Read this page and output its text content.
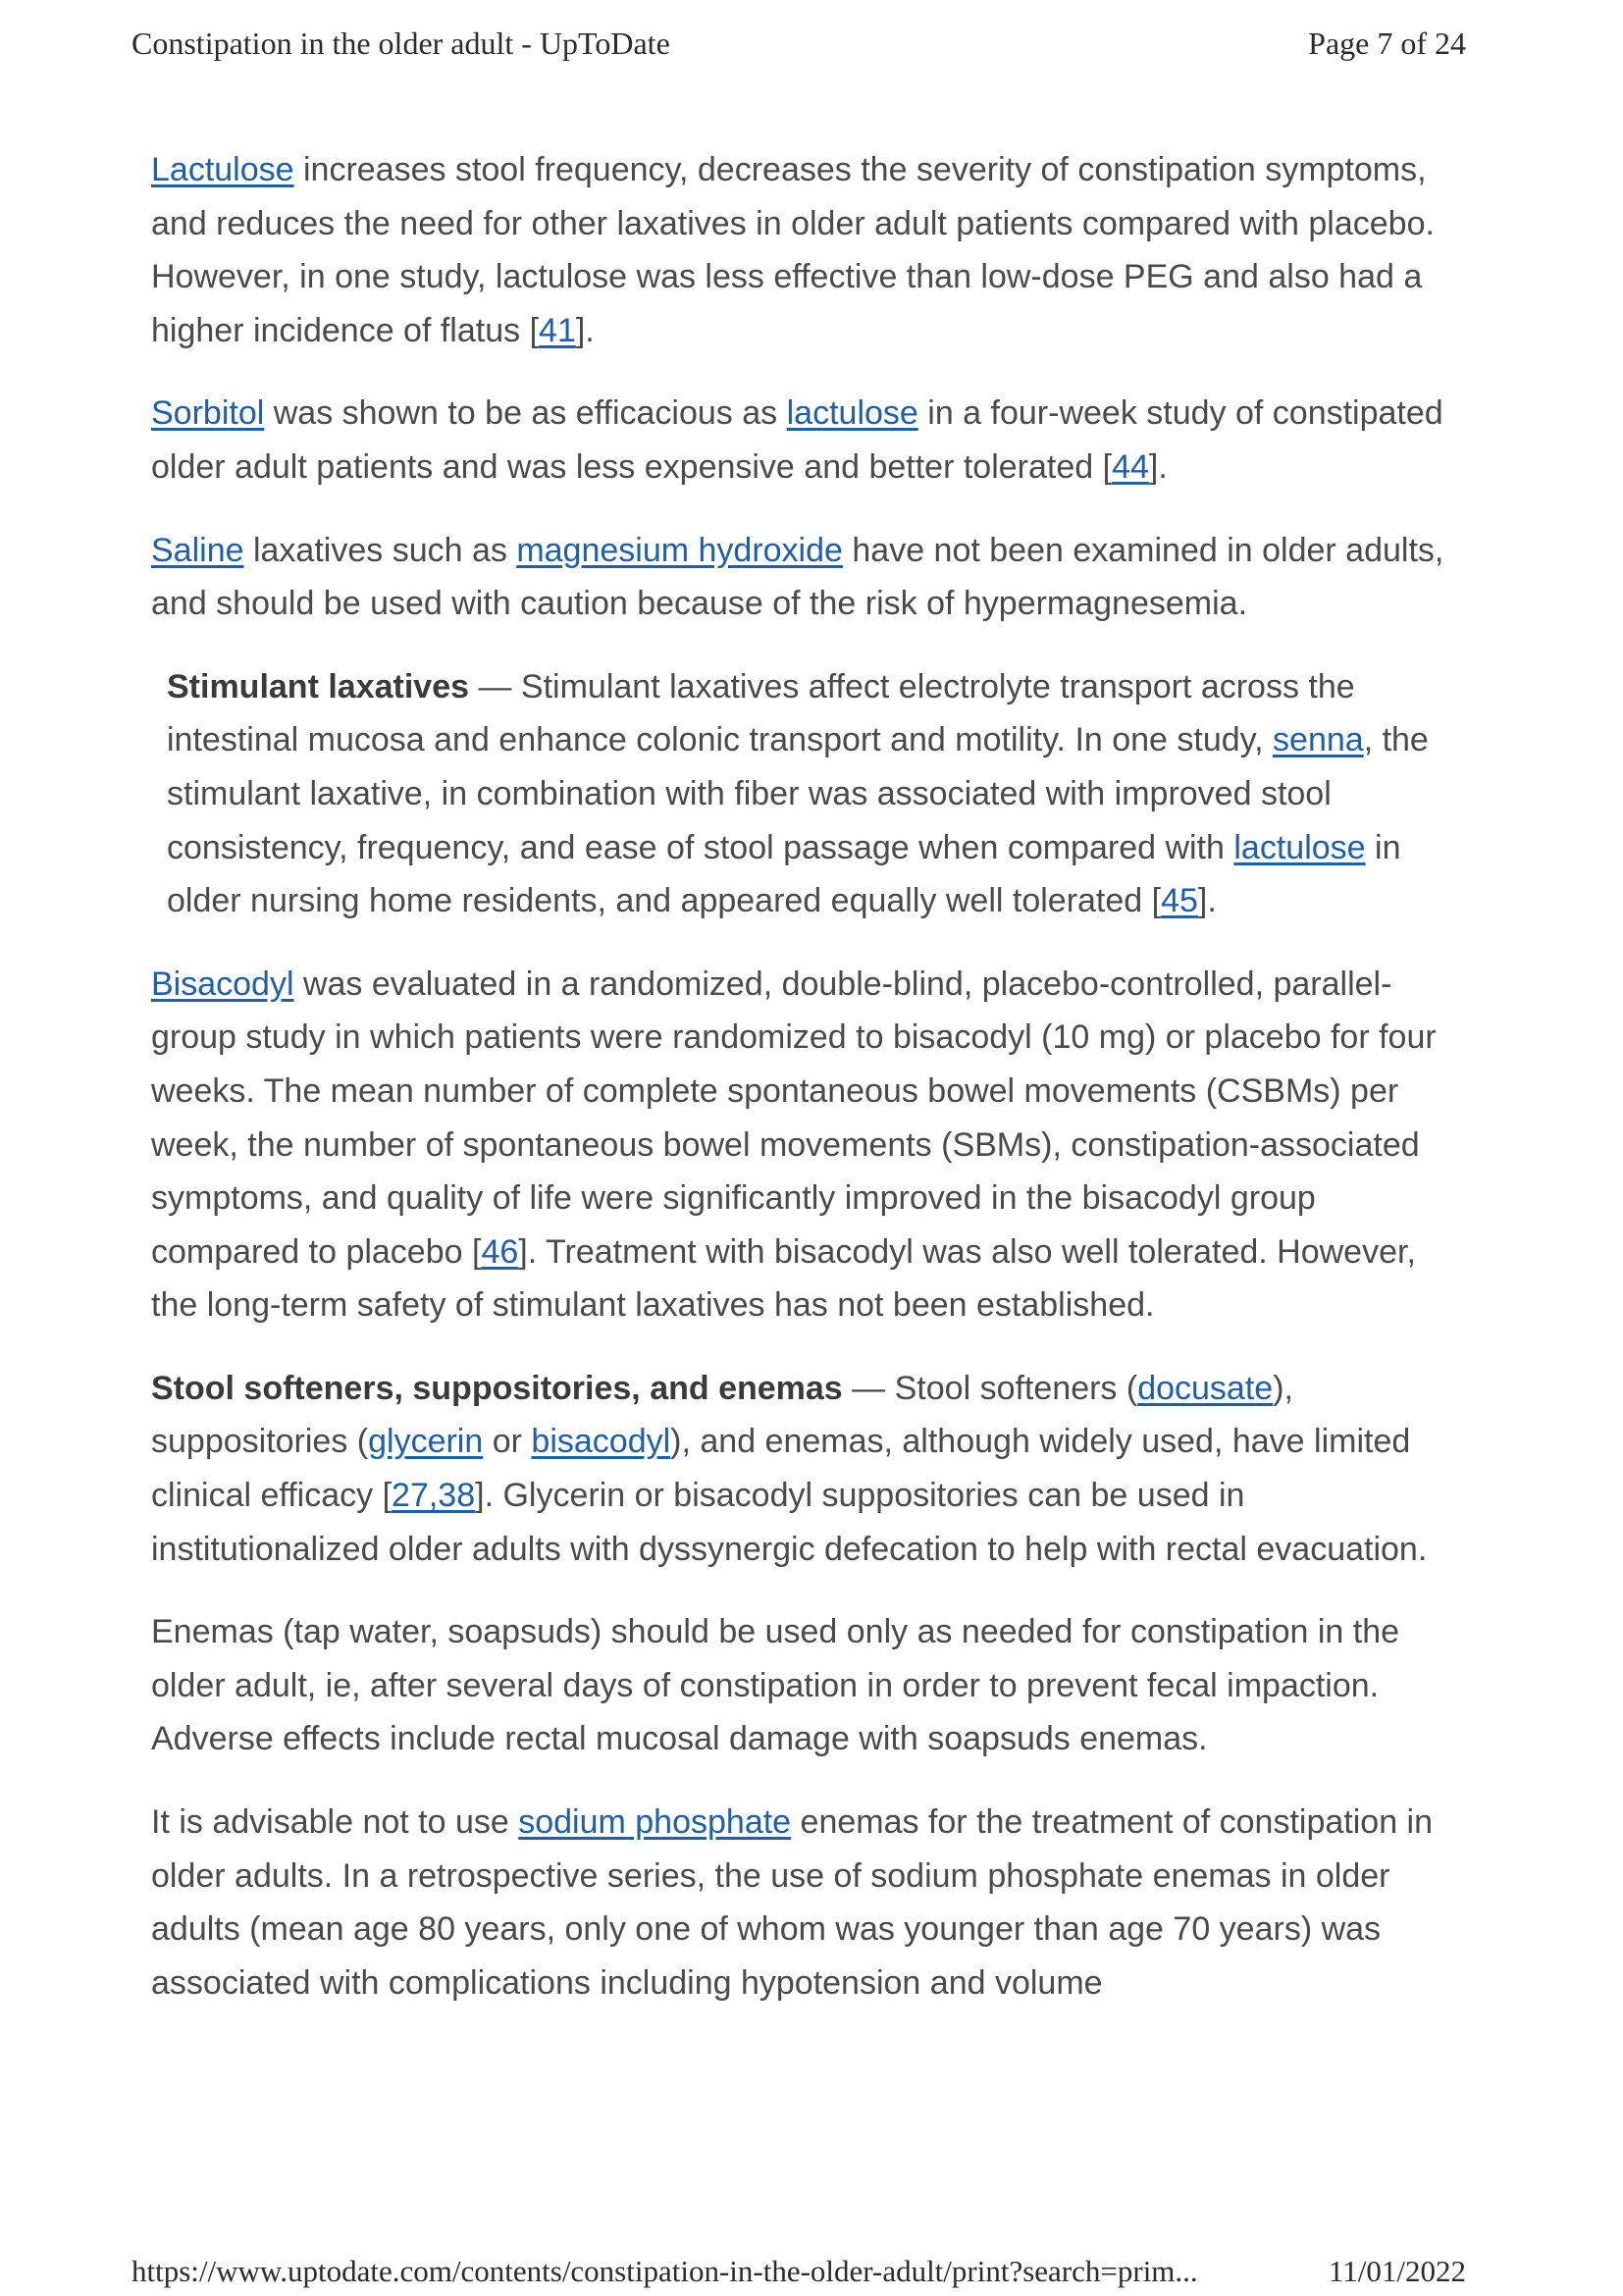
Constipation in the older adult - UpToDate	Page 7 of 24

Lactulose increases stool frequency, decreases the severity of constipation symptoms, and reduces the need for other laxatives in older adult patients compared with placebo. However, in one study, lactulose was less effective than low-dose PEG and also had a higher incidence of flatus [41].

Sorbitol was shown to be as efficacious as lactulose in a four-week study of constipated older adult patients and was less expensive and better tolerated [44].

Saline laxatives such as magnesium hydroxide have not been examined in older adults, and should be used with caution because of the risk of hypermagnesemia.

Stimulant laxatives — Stimulant laxatives affect electrolyte transport across the intestinal mucosa and enhance colonic transport and motility. In one study, senna, the stimulant laxative, in combination with fiber was associated with improved stool consistency, frequency, and ease of stool passage when compared with lactulose in older nursing home residents, and appeared equally well tolerated [45].

Bisacodyl was evaluated in a randomized, double-blind, placebo-controlled, parallel-group study in which patients were randomized to bisacodyl (10 mg) or placebo for four weeks. The mean number of complete spontaneous bowel movements (CSBMs) per week, the number of spontaneous bowel movements (SBMs), constipation-associated symptoms, and quality of life were significantly improved in the bisacodyl group compared to placebo [46]. Treatment with bisacodyl was also well tolerated. However, the long-term safety of stimulant laxatives has not been established.

Stool softeners, suppositories, and enemas — Stool softeners (docusate), suppositories (glycerin or bisacodyl), and enemas, although widely used, have limited clinical efficacy [27,38]. Glycerin or bisacodyl suppositories can be used in institutionalized older adults with dyssynergic defecation to help with rectal evacuation.

Enemas (tap water, soapsuds) should be used only as needed for constipation in the older adult, ie, after several days of constipation in order to prevent fecal impaction. Adverse effects include rectal mucosal damage with soapsuds enemas.

It is advisable not to use sodium phosphate enemas for the treatment of constipation in older adults. In a retrospective series, the use of sodium phosphate enemas in older adults (mean age 80 years, only one of whom was younger than age 70 years) was associated with complications including hypotension and volume

https://www.uptodate.com/contents/constipation-in-the-older-adult/print?search=prim...	11/01/2022
